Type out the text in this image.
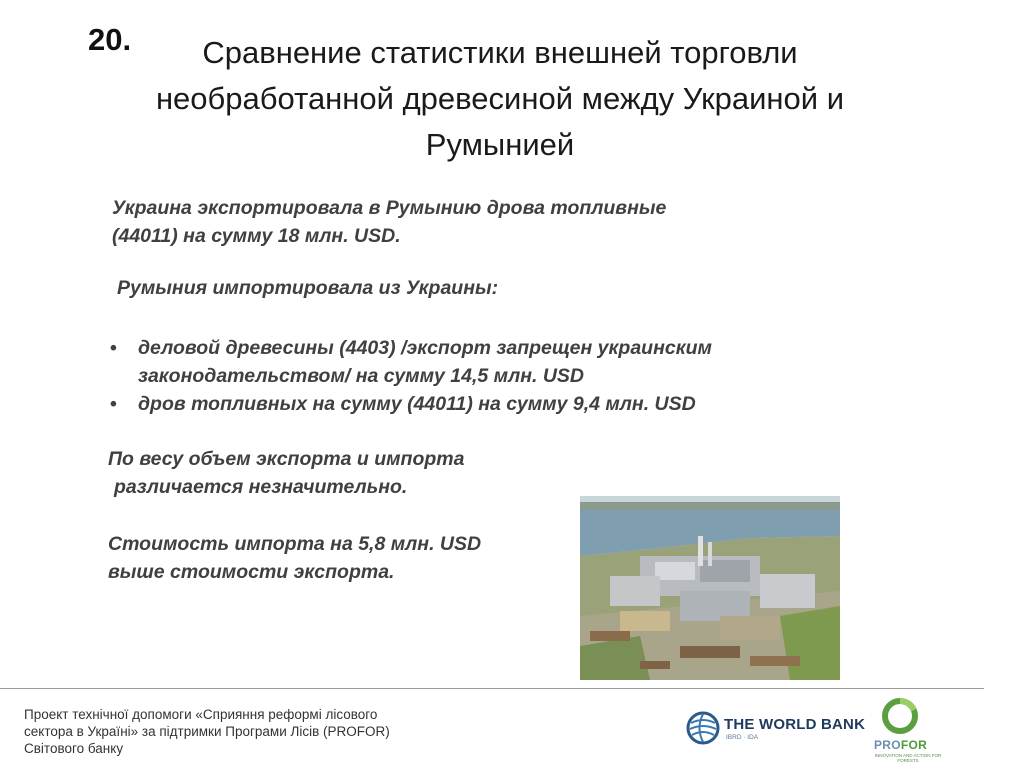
20.	Сравнение статистики внешней торговли
необработанной древесиной между Украиной и
Румынией

Украина экспортировала в Румынию дрова топливные
(44011) на сумму 18 млн. USD.

Румыния импортировала из Украины:

• деловой древесины (4403) /экспорт запрещен украинским
законодательством/ на сумму 14,5 млн. USD
• дров топливных на сумму (44011) на сумму 9,4 млн. USD

По весу объем экспорта и импорта
различается незначительно.

Стоимость импорта на 5,8 млн. USD
выше стоимости экспорта.

Проект технічної допомоги «Сприяння реформі лісового
сектора в Україні» за підтримки Програми Лісів (PROFOR)
Світового банку
THE WORLD BANK
IBRD · IDA
PROFOR
INNOVATION AND ACTION FOR FORESTS
